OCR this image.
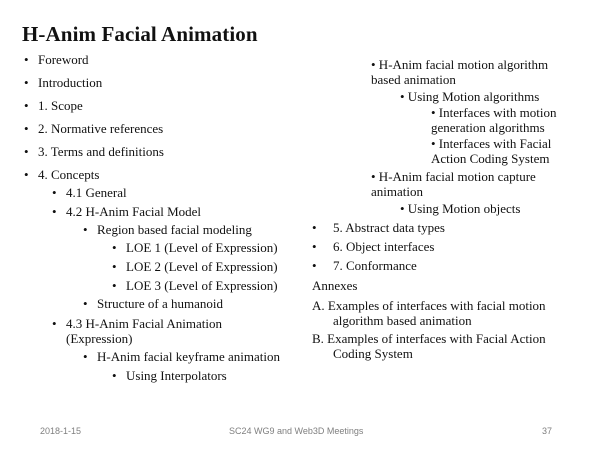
H-Anim Facial Animation
• Foreword
• Introduction
• 1. Scope
• 2. Normative references
• 3. Terms and definitions
• 4. Concepts
• 4.1 General
• 4.2 H-Anim Facial Model
• Region based facial modeling
• LOE 1 (Level of Expression)
• LOE 2 (Level of Expression)
• LOE 3 (Level of Expression)
• Structure of a humanoid
• 4.3 H-Anim Facial Animation
(Expression)
• H-Anim facial keyframe animation
• Using Interpolators
• H-Anim facial motion algorithm
based animation
• Using Motion algorithms
• Interfaces with motion
generation algorithms
• Interfaces with Facial
Action Coding System
• H-Anim facial motion capture
animation
• Using Motion objects
• 5. Abstract data types
• 6. Object interfaces
• 7. Conformance
Annexes
A. Examples of interfaces with facial motion
algorithm based animation
B. Examples of interfaces with Facial Action
Coding System
2018-1-15	SC24 WG9 and Web3D Meetings	37
